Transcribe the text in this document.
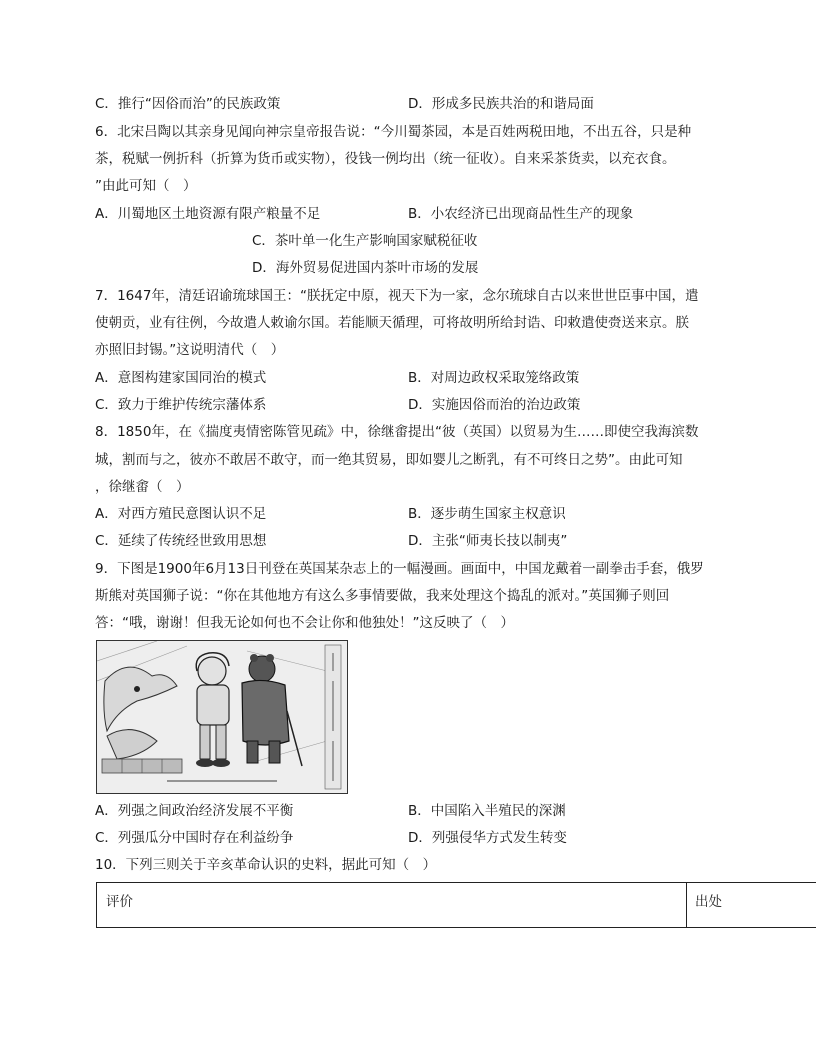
C．推行“因俗而治”的民族政策	D．形成多民族共治的和谐局面
6．北宋吕陶以其亲身见闻向神宗皇帝报告说：“今川蜀茶园，本是百姓两税田地，不出五谷，只是种
茶，税赋一例折科（折算为货币或实物），役钱一例均出（统一征收）。自来采茶货卖，以充衣食。
”由此可知（　）
A．川蜀地区土地资源有限产粮量不足	B．小农经济已出现商品性生产的现象
C．茶叶单一化生产影响国家赋税征收
D．海外贸易促进国内茶叶市场的发展
7．1647年，清廷诏谕琉球国王：“朕抚定中原，视天下为一家，念尔琉球自古以来世世臣事中国，遣
使朝贡，业有往例，今故遣人敕谕尔国。若能顺天循理，可将故明所给封诰、印敕遣使赍送来京。朕
亦照旧封锡。”这说明清代（　）
A．意图构建家国同治的模式	B．对周边政权采取笼络政策
C．致力于维护传统宗藩体系	D．实施因俗而治的治边政策
8．1850年，在《揣度夷情密陈管见疏》中，徐继畬提出“彼（英国）以贸易为生……即使空我海滨数
城，割而与之，彼亦不敢居不敢守，而一绝其贸易，即如婴儿之断乳，有不可终日之势”。由此可知
，徐继畬（　）
A．对西方殖民意图认识不足	B．逐步萌生国家主权意识
C．延续了传统经世致用思想	D．主张“师夷长技以制夷”
9．下图是1900年6月13日刊登在英国某杂志上的一幅漫画。画面中，中国龙戴着一副拳击手套，俄罗
斯熊对英国狮子说：“你在其他地方有这么多事情要做，我来处理这个捣乱的派对。”英国狮子则回
答：“哦，谢谢！但我无论如何也不会让你和他独处！”这反映了（　）
A．列强之间政治经济发展不平衡	B．中国陷入半殖民的深渊
C．列强瓜分中国时存在利益纷争	D．列强侵华方式发生转变
10．下列三则关于辛亥革命认识的史料，据此可知（　）
评价	出处
